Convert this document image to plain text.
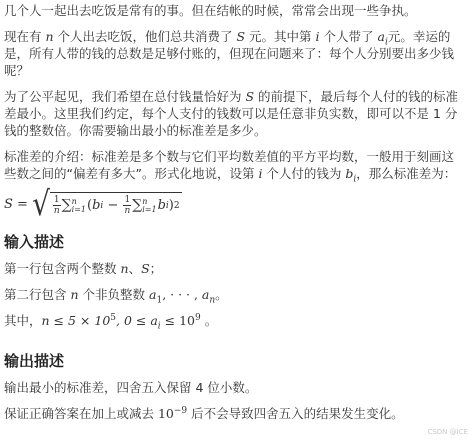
几个人一起出去吃饭是常有的事。但在结帐的时候，常常会出现一些争执。

现在有 n 个人出去吃饭，他们总共消费了 S 元。其中第 i 个人带了 $a_i$元。幸运的是，所有人带的钱的总数是足够付账的，但现在问题来了：每个人分别要出多少钱呢？

为了公平起见，我们希望在总付钱量恰好为 S 的前提下，最后每个人付的钱的标准差最小。这里我们约定，每个人支付的钱数可以是任意非负实数，即可以不是 1 分钱的整数倍。你需要输出最小的标准差是多少。

标准差的介绍：标准差是多个数与它们平均数差值的平方平均数，一般用于刻画这些数之间的“偏差有多大”。形式化地说，设第 i 个人付的钱为 $b_i$，那么标准差为：

S = √ $\frac{1}{n}$ ∑ n
i=1 ( b $i - \frac{1}{n}$ ∑ n
i=1 b i ) 2
输入描述

第一行包含两个整数 n、S；

第二行包含 n 个非负整数 $a_1$, · · · , $a_n$。

其中，$n \le 5 \times 10^5$, $0 \le a_i \le 10^9$ 。

输出描述

输出最小的标准差，四舍五入保留 4 位小数。

保证正确答案在加上或减去 $10^{-9}$ 后不会导致四舍五入的结果发生变化。

CSDN @ICE
